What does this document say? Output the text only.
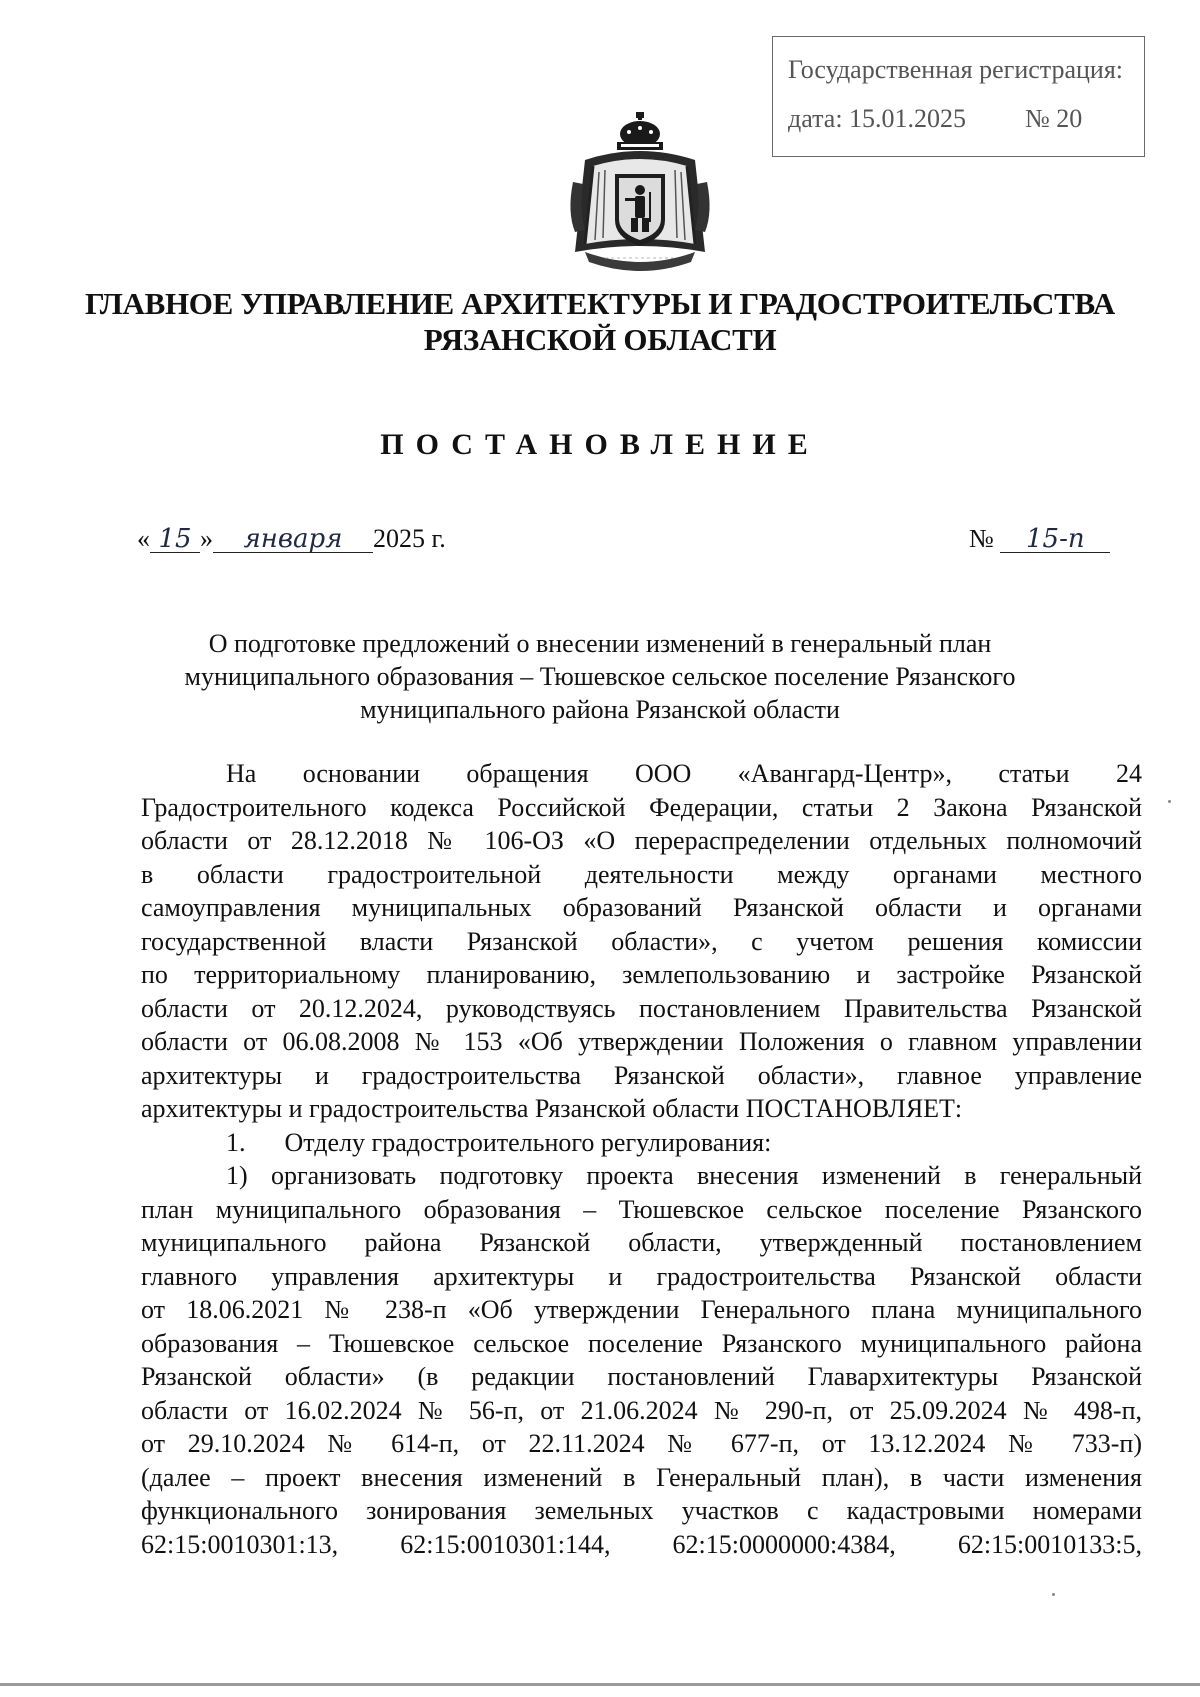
Государственная регистрация:
дата: 15.01.2025 № 20
ГЛАВНОЕ УПРАВЛЕНИЕ АРХИТЕКТУРЫ И ГРАДОСТРОИТЕЛЬСТВА
РЯЗАНСКОЙ ОБЛАСТИ
ПОСТАНОВЛЕНИЕ
« 15 » января 2025 г.	№ 15-п
О подготовке предложений о внесении изменений в генеральный план
муниципального образования – Тюшевское сельское поселение Рязанского
муниципального района Рязанской области
На основании обращения ООО «Авангард-Центр», статьи 24
Градостроительного кодекса Российской Федерации, статьи 2 Закона Рязанской
области от 28.12.2018 № 106-ОЗ «О перераспределении отдельных полномочий
в области градостроительной деятельности между органами местного
самоуправления муниципальных образований Рязанской области и органами
государственной власти Рязанской области», с учетом решения комиссии
по территориальному планированию, землепользованию и застройке Рязанской
области от 20.12.2024, руководствуясь постановлением Правительства Рязанской
области от 06.08.2008 № 153 «Об утверждении Положения о главном управлении
архитектуры и градостроительства Рязанской области», главное управление
архитектуры и градостроительства Рязанской области ПОСТАНОВЛЯЕТ:
1.      Отделу градостроительного регулирования:
1) организовать подготовку проекта внесения изменений в генеральный
план муниципального образования – Тюшевское сельское поселение Рязанского
муниципального района Рязанской области, утвержденный постановлением
главного управления архитектуры и градостроительства Рязанской области
от 18.06.2021 № 238-п «Об утверждении Генерального плана муниципального
образования – Тюшевское сельское поселение Рязанского муниципального района
Рязанской области» (в редакции постановлений Главархитектуры Рязанской
области от 16.02.2024 № 56-п, от 21.06.2024 № 290-п, от 25.09.2024 № 498-п,
от 29.10.2024 № 614-п, от 22.11.2024 № 677-п, от 13.12.2024 № 733-п)
(далее – проект внесения изменений в Генеральный план), в части изменения
функционального зонирования земельных участков с кадастровыми номерами
62:15:0010301:13, 62:15:0010301:144, 62:15:0000000:4384, 62:15:0010133:5,
